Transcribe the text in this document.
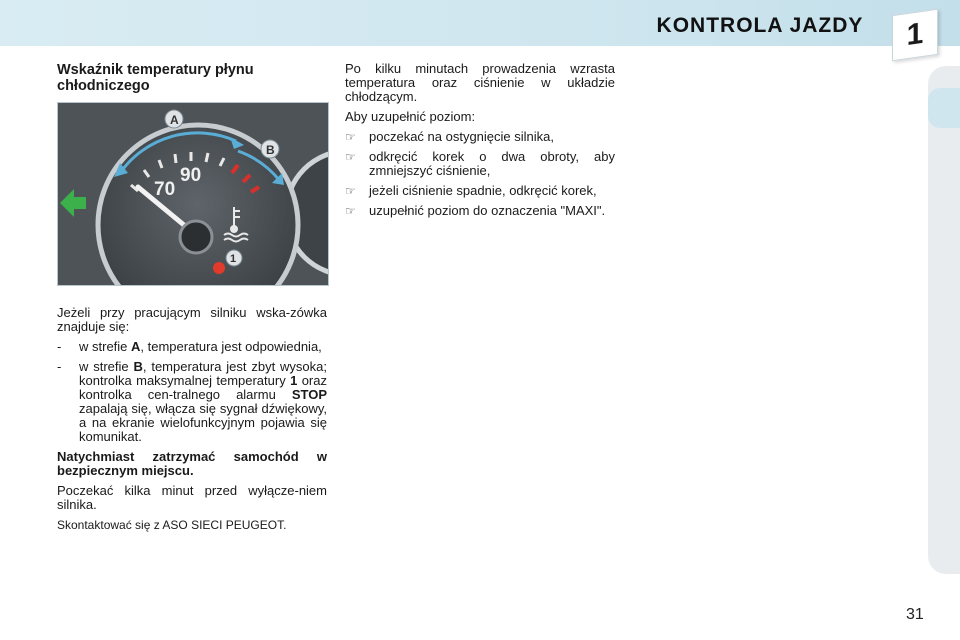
KONTROLA JAZDY	1

Wskaźnik temperatury płynu chłodniczego

70
90
A
B
1

Jeżeli przy pracującym silniku wska-zówka znajduje się:

-	w strefie A, temperatura jest odpowiednia,
-	w strefie B, temperatura jest zbyt wysoka; kontrolka maksymalnej temperatury 1 oraz kontrolka cen-tralnego alarmu STOP zapalają się, włącza się sygnał dźwiękowy, a na ekranie wielofunkcyjnym pojawia się komunikat.

Natychmiast zatrzymać samochód w bezpiecznym miejscu.

Poczekać kilka minut przed wyłącze-niem silnika.

Skontaktować się z ASO SIECI PEUGEOT.

Po kilku minutach prowadzenia wzrasta temperatura oraz ciśnienie w układzie chłodzącym.

Aby uzupełnić poziom:

☞	poczekać na ostygnięcie silnika,
☞	odkręcić korek o dwa obroty, aby zmniejszyć ciśnienie,
☞	jeżeli ciśnienie spadnie, odkręcić korek,
☞	uzupełnić poziom do oznaczenia "MAXI".
31
